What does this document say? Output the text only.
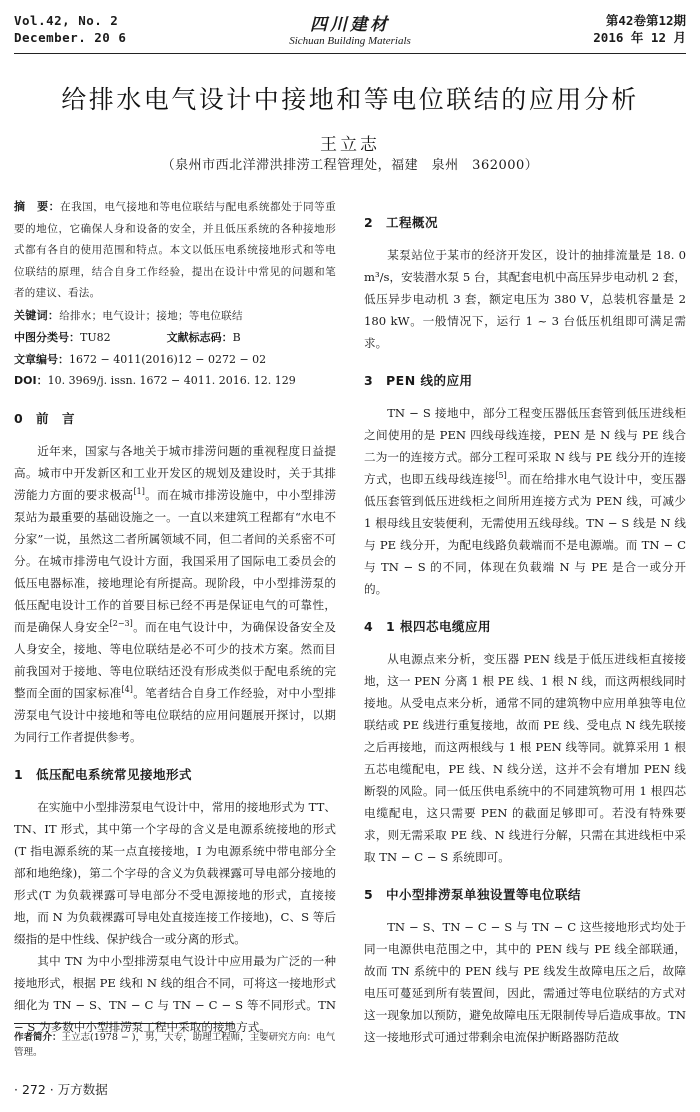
Vol.42, No. 2
December. 20 6
四川建材
Sichuan Building Materials
第42卷第12期
2016 年 12 月
给排水电气设计中接地和等电位联结的应用分析
王立志
（泉州市西北洋滞洪排涝工程管理处，福建　泉州　362000）
摘　要：在我国，电气接地和等电位联结与配电系统都处于同等重要的地位，它确保人身和设备的安全，并且低压系统的各种接地形式都有各自的使用范围和特点。本文以低压电系统接地形式和等电位联结的原理，结合自身工作经验，提出在设计中常见的问题和笔者的建议、看法。
关键词：给排水；电气设计；接地；等电位联结
中图分类号：TU82	文献标志码：B
文章编号：1672 − 4011(2016)12 − 0272 − 02
DOI：10. 3969/j. issn. 1672 − 4011. 2016. 12. 129
0 前　言

近年来，国家与各地关于城市排涝问题的重视程度日益提高。城市中开发新区和工业开发区的规划及建设时，关于其排涝能力方面的要求极高[1]。而在城市排涝设施中，中小型排涝泵站为最重要的基础设施之一。一直以来建筑工程都有“水电不分家”一说，虽然这二者所属领域不同，但二者间的关系密不可分。在城市排涝电气设计方面，我国采用了国际电工委员会的低压电器标准，接地理论有所提高。现阶段，中小型排涝泵的低压配电设计工作的首要目标已经不再是保证电气的可靠性，而是确保人身安全[2−3]。而在电气设计中，为确保设备安全及人身安全，接地、等电位联结是必不可少的技术方案。然而目前我国对于接地、等电位联结还没有形成类似于配电系统的完整而全面的国家标准[4]。笔者结合自身工作经验，对中小型排涝泵电气设计中接地和等电位联结的应用问题展开探讨，以期为同行工作者提供参考。

1 低压配电系统常见接地形式

在实施中小型排涝泵电气设计中，常用的接地形式为 TT、TN、IT 形式，其中第一个字母的含义是电源系统接地的形式(T 指电源系统的某一点直接接地，I 为电源系统中带电部分全部和地绝缘)，第二个字母的含义为负载裸露可导电部分接地的形式(T 为负载裸露可导电部分不受电源接地的形式，直接接地，而 N 为负载裸露可导电处直接连接工作接地)，C、S 等后缀指的是中性线、保护线合一或分离的形式。

其中 TN 为中小型排涝泵电气设计中应用最为广泛的一种接地形式，根据 PE 线和 N 线的组合不同，可将这一接地形式细化为 TN − S、TN − C 与 TN − C − S 等不同形式。TN − S 为多数中小型排涝泵工程中采取的接地方式。

2 工程概况

某泵站位于某市的经济开发区，设计的抽排流量是 18. 0 m³/s，安装潜水泵 5 台，其配套电机中高压异步电动机 2 套，低压异步电动机 3 套，额定电压为 380 V，总装机容量是 2 180 kW。一般情况下，运行 1 ~ 3 台低压机组即可满足需求。

3 PEN 线的应用

TN − S 接地中，部分工程变压器低压套管到低压进线柜之间使用的是 PEN 四线母线连接，PEN 是 N 线与 PE 线合二为一的连接方式。部分工程可采取 N 线与 PE 线分开的连接方式，也即五线母线连接[5]。而在给排水电气设计中，变压器低压套管到低压进线柜之间所用连接方式为 PEN 线，可减少 1 根母线且安装便利，无需使用五线母线。TN − S 线是 N 线与 PE 线分开，为配电线路负载端而不是电源端。而 TN − C 与 TN − S 的不同，体现在负载端 N 与 PE 是合一或分开的。

4 1 根四芯电缆应用

从电源点来分析，变压器 PEN 线是于低压进线柜直接接地，这一 PEN 分离 1 根 PE 线、1 根 N 线，而这两根线同时接地。从受电点来分析，通常不同的建筑物中应用单独等电位联结或 PE 线进行重复接地，故而 PE 线、受电点 N 线先联接之后再接地，而这两根线与 1 根 PEN 线等同。就算采用 1 根五芯电缆配电，PE 线、N 线分送，这并不会有增加 PEN 线断裂的风险。同一低压供电系统中的不同建筑物可用 1 根四芯电缆配电，这只需要 PEN 的截面足够即可。若没有特殊要求，则无需采取 PE 线、N 线进行分解，只需在其进线柜中采取 TN − C − S 系统即可。

5 中小型排涝泵单独设置等电位联结

TN − S、TN − C − S 与 TN − C 这些接地形式均处于同一电源供电范围之中，其中的 PEN 线与 PE 线全部联通，故而 TN 系统中的 PEN 线与 PE 线发生故障电压之后，故障电压可蔓延到所有装置间，因此，需通过等电位联结的方式对这一现象加以预防，避免故障电压无限制传导后造成事故。TN 这一接地形式可通过带剩余电流保护断路器防范故

作者简介：王立志(1978 − )，男，大专，助理工程师，主要研究方向：电气管理。
· 272 · 万方数据
